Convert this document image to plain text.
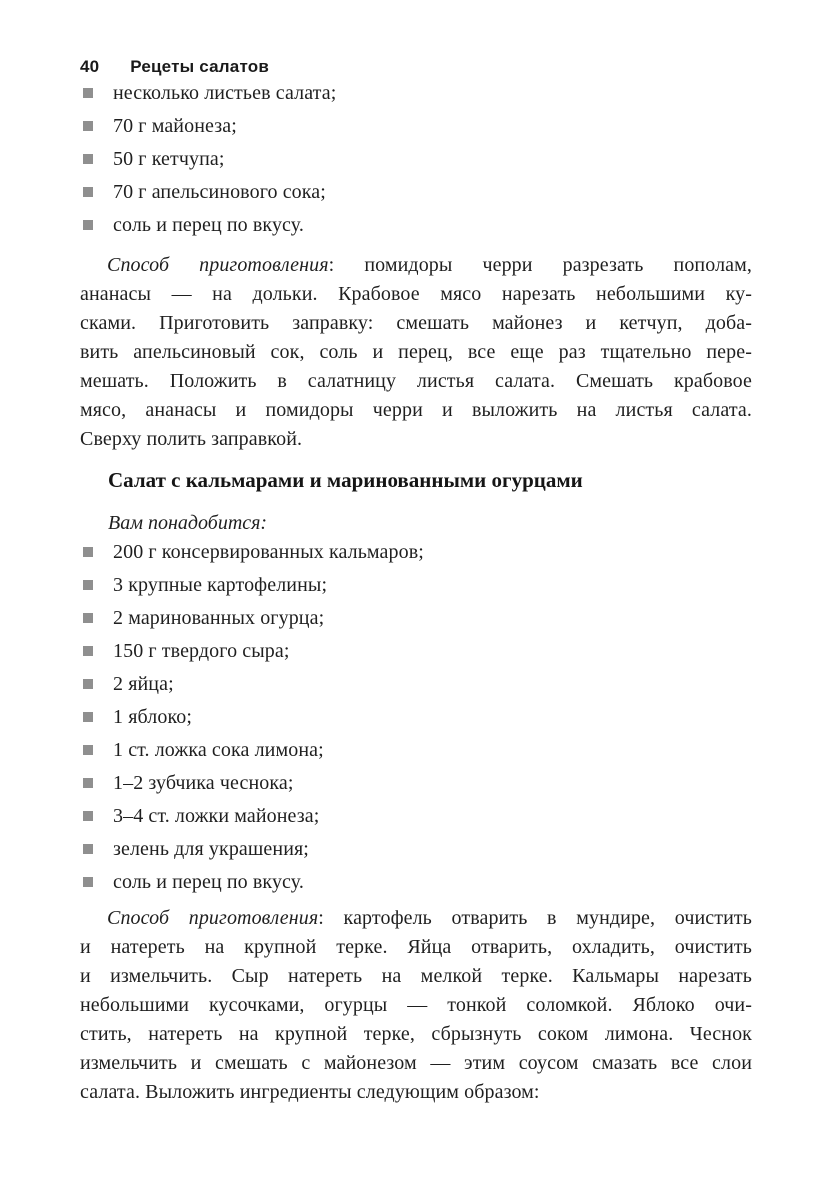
40 Рецеты салатов
несколько листьев салата;
70 г майонеза;
50 г кетчупа;
70 г апельсинового сока;
соль и перец по вкусу.
Способ приготовления: помидоры черри разрезать пополам,
ананасы — на дольки. Крабовое мясо нарезать небольшими ку-
сками. Приготовить заправку: смешать майонез и кетчуп, доба-
вить апельсиновый сок, соль и перец, все еще раз тщательно пере-
мешать. Положить в салатницу листья салата. Смешать крабовое
мясо, ананасы и помидоры черри и выложить на листья салата.
Сверху полить заправкой.
Салат с кальмарами и маринованными огурцами
Вам понадобится:
200 г консервированных кальмаров;
3 крупные картофелины;
2 маринованных огурца;
150 г твердого сыра;
2 яйца;
1 яблоко;
1 ст. ложка сока лимона;
1–2 зубчика чеснока;
3–4 ст. ложки майонеза;
зелень для украшения;
соль и перец по вкусу.
Способ приготовления: картофель отварить в мундире, очистить
и натереть на крупной терке. Яйца отварить, охладить, очистить
и измельчить. Сыр натереть на мелкой терке. Кальмары нарезать
небольшими кусочками, огурцы — тонкой соломкой. Яблоко очи-
стить, натереть на крупной терке, сбрызнуть соком лимона. Чеснок
измельчить и смешать с майонезом — этим соусом смазать все слои
салата. Выложить ингредиенты следующим образом:
